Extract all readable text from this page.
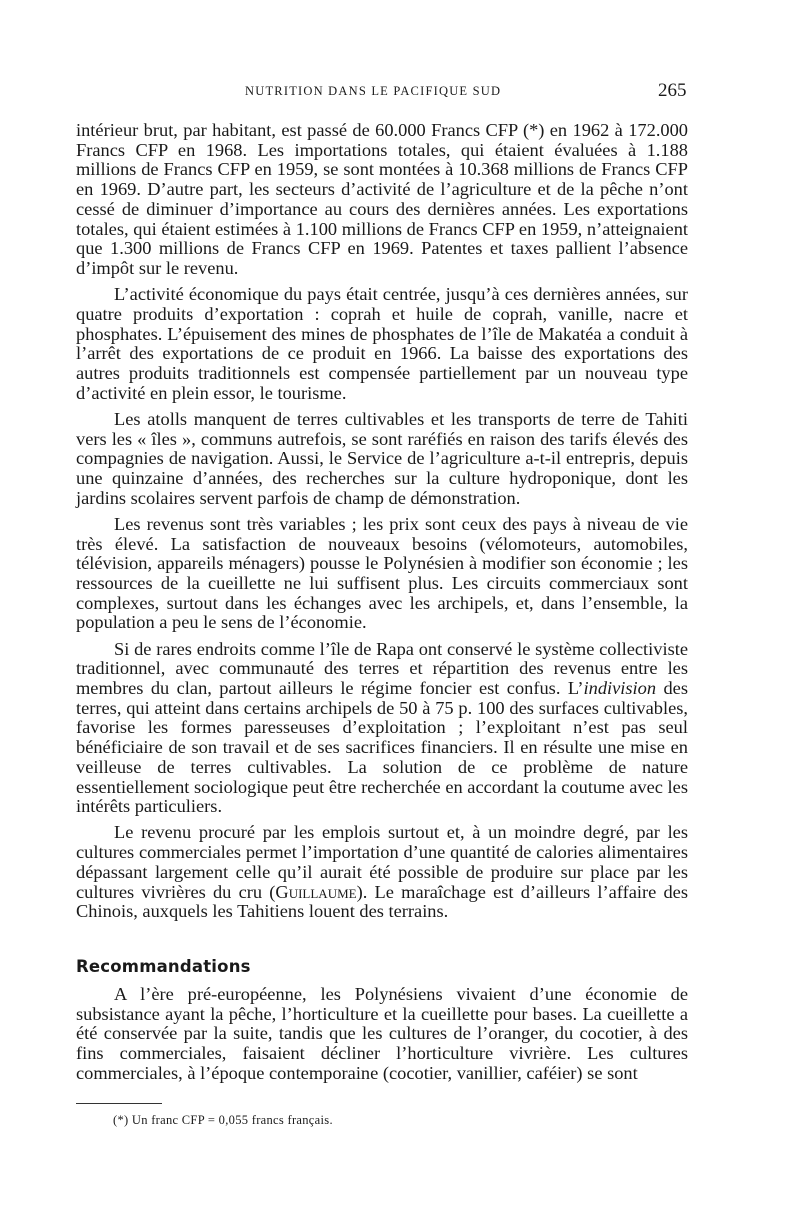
NUTRITION DANS LE PACIFIQUE SUD	265

intérieur brut, par habitant, est passé de 60.000 Francs CFP (*) en 1962 à 172.000 Francs CFP en 1968. Les importations totales, qui étaient évaluées à 1.188 millions de Francs CFP en 1959, se sont montées à 10.368 millions de Francs CFP en 1969. D’autre part, les secteurs d’activité de l’agriculture et de la pêche n’ont cessé de diminuer d’importance au cours des dernières années. Les exportations totales, qui étaient estimées à 1.100 millions de Francs CFP en 1959, n’atteignaient que 1.300 millions de Francs CFP en 1969. Patentes et taxes pallient l’absence d’impôt sur le revenu.

L’activité économique du pays était centrée, jusqu’à ces dernières années, sur quatre produits d’exportation : coprah et huile de coprah, vanille, nacre et phosphates. L’épuisement des mines de phosphates de l’île de Makatéa a conduit à l’arrêt des exportations de ce produit en 1966. La baisse des exportations des autres produits traditionnels est compensée partiellement par un nouveau type d’activité en plein essor, le tourisme.

Les atolls manquent de terres cultivables et les transports de terre de Tahiti vers les « îles », communs autrefois, se sont raréfiés en raison des tarifs élevés des compagnies de navigation. Aussi, le Service de l’agriculture a-t-il entrepris, depuis une quinzaine d’années, des recherches sur la culture hydroponique, dont les jardins scolaires servent parfois de champ de démonstration.

Les revenus sont très variables ; les prix sont ceux des pays à niveau de vie très élevé. La satisfaction de nouveaux besoins (vélomoteurs, automobiles, télévision, appareils ménagers) pousse le Polynésien à modifier son économie ; les ressources de la cueillette ne lui suffisent plus. Les circuits commerciaux sont complexes, surtout dans les échanges avec les archipels, et, dans l’ensemble, la population a peu le sens de l’économie.

Si de rares endroits comme l’île de Rapa ont conservé le système collectiviste traditionnel, avec communauté des terres et répartition des revenus entre les membres du clan, partout ailleurs le régime foncier est confus. L’indivision des terres, qui atteint dans certains archipels de 50 à 75 p. 100 des surfaces cultivables, favorise les formes paresseuses d’exploitation ; l’exploitant n’est pas seul bénéficiaire de son travail et de ses sacrifices financiers. Il en résulte une mise en veilleuse de terres cultivables. La solution de ce problème de nature essentiellement sociologique peut être recherchée en accordant la coutume avec les intérêts particuliers.

Le revenu procuré par les emplois surtout et, à un moindre degré, par les cultures commerciales permet l’importation d’une quantité de calories alimentaires dépassant largement celle qu’il aurait été possible de produire sur place par les cultures vivrières du cru (Guillaume). Le maraîchage est d’ailleurs l’affaire des Chinois, auxquels les Tahitiens louent des terrains.

Recommandations

A l’ère pré-européenne, les Polynésiens vivaient d’une économie de subsistance ayant la pêche, l’horticulture et la cueillette pour bases. La cueillette a été conservée par la suite, tandis que les cultures de l’oranger, du cocotier, à des fins commerciales, faisaient décliner l’horticulture vivrière. Les cultures commerciales, à l’époque contemporaine (cocotier, vanillier, caféier) se sont

(*) Un franc CFP = 0,055 francs français.
